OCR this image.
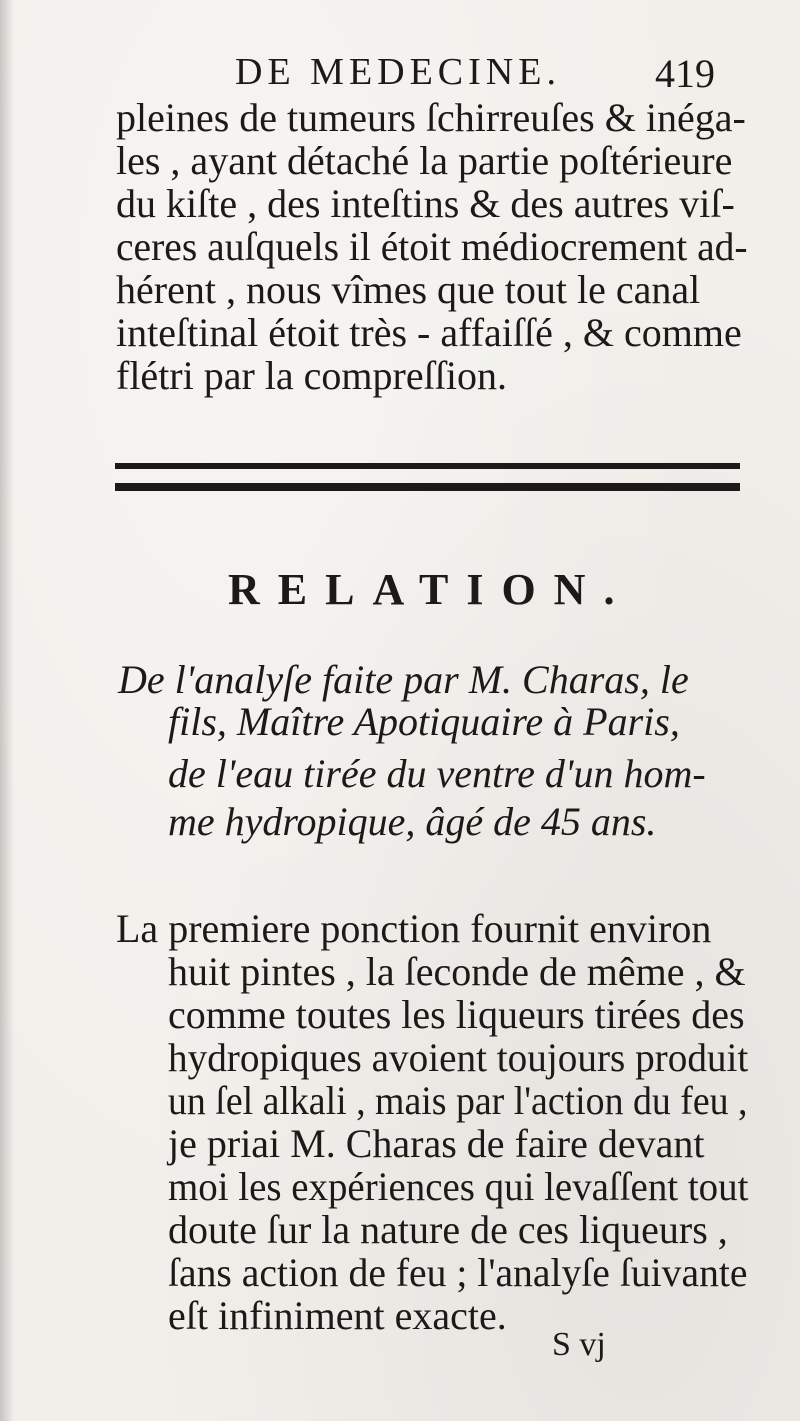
DE MEDECINE. 419
pleines de tumeurs ſchirreuſes & inéga-
les , ayant détaché la partie poſtérieure
du kiſte , des inteſtins & des autres viſ-
ceres auſquels il étoit médiocrement ad-
hérent , nous vîmes que tout le canal
inteſtinal étoit très - affaiſſé , & comme
flétri par la compreſſion.
RELATION.
De l'analyſe faite par M. Charas, le
fils, Maître Apotiquaire à Paris,
de l'eau tirée du ventre d'un hom-
me hydropique, âgé de 45 ans.
La premiere ponction fournit environ
huit pintes , la ſeconde de même , &
comme toutes les liqueurs tirées des
hydropiques avoient toujours produit
un ſel alkali , mais par l'action du feu ,
je priai M. Charas de faire devant
moi les expériences qui levaſſent tout
doute ſur la nature de ces liqueurs ,
ſans action de feu ; l'analyſe ſuivante
eſt infiniment exacte.
S vj
